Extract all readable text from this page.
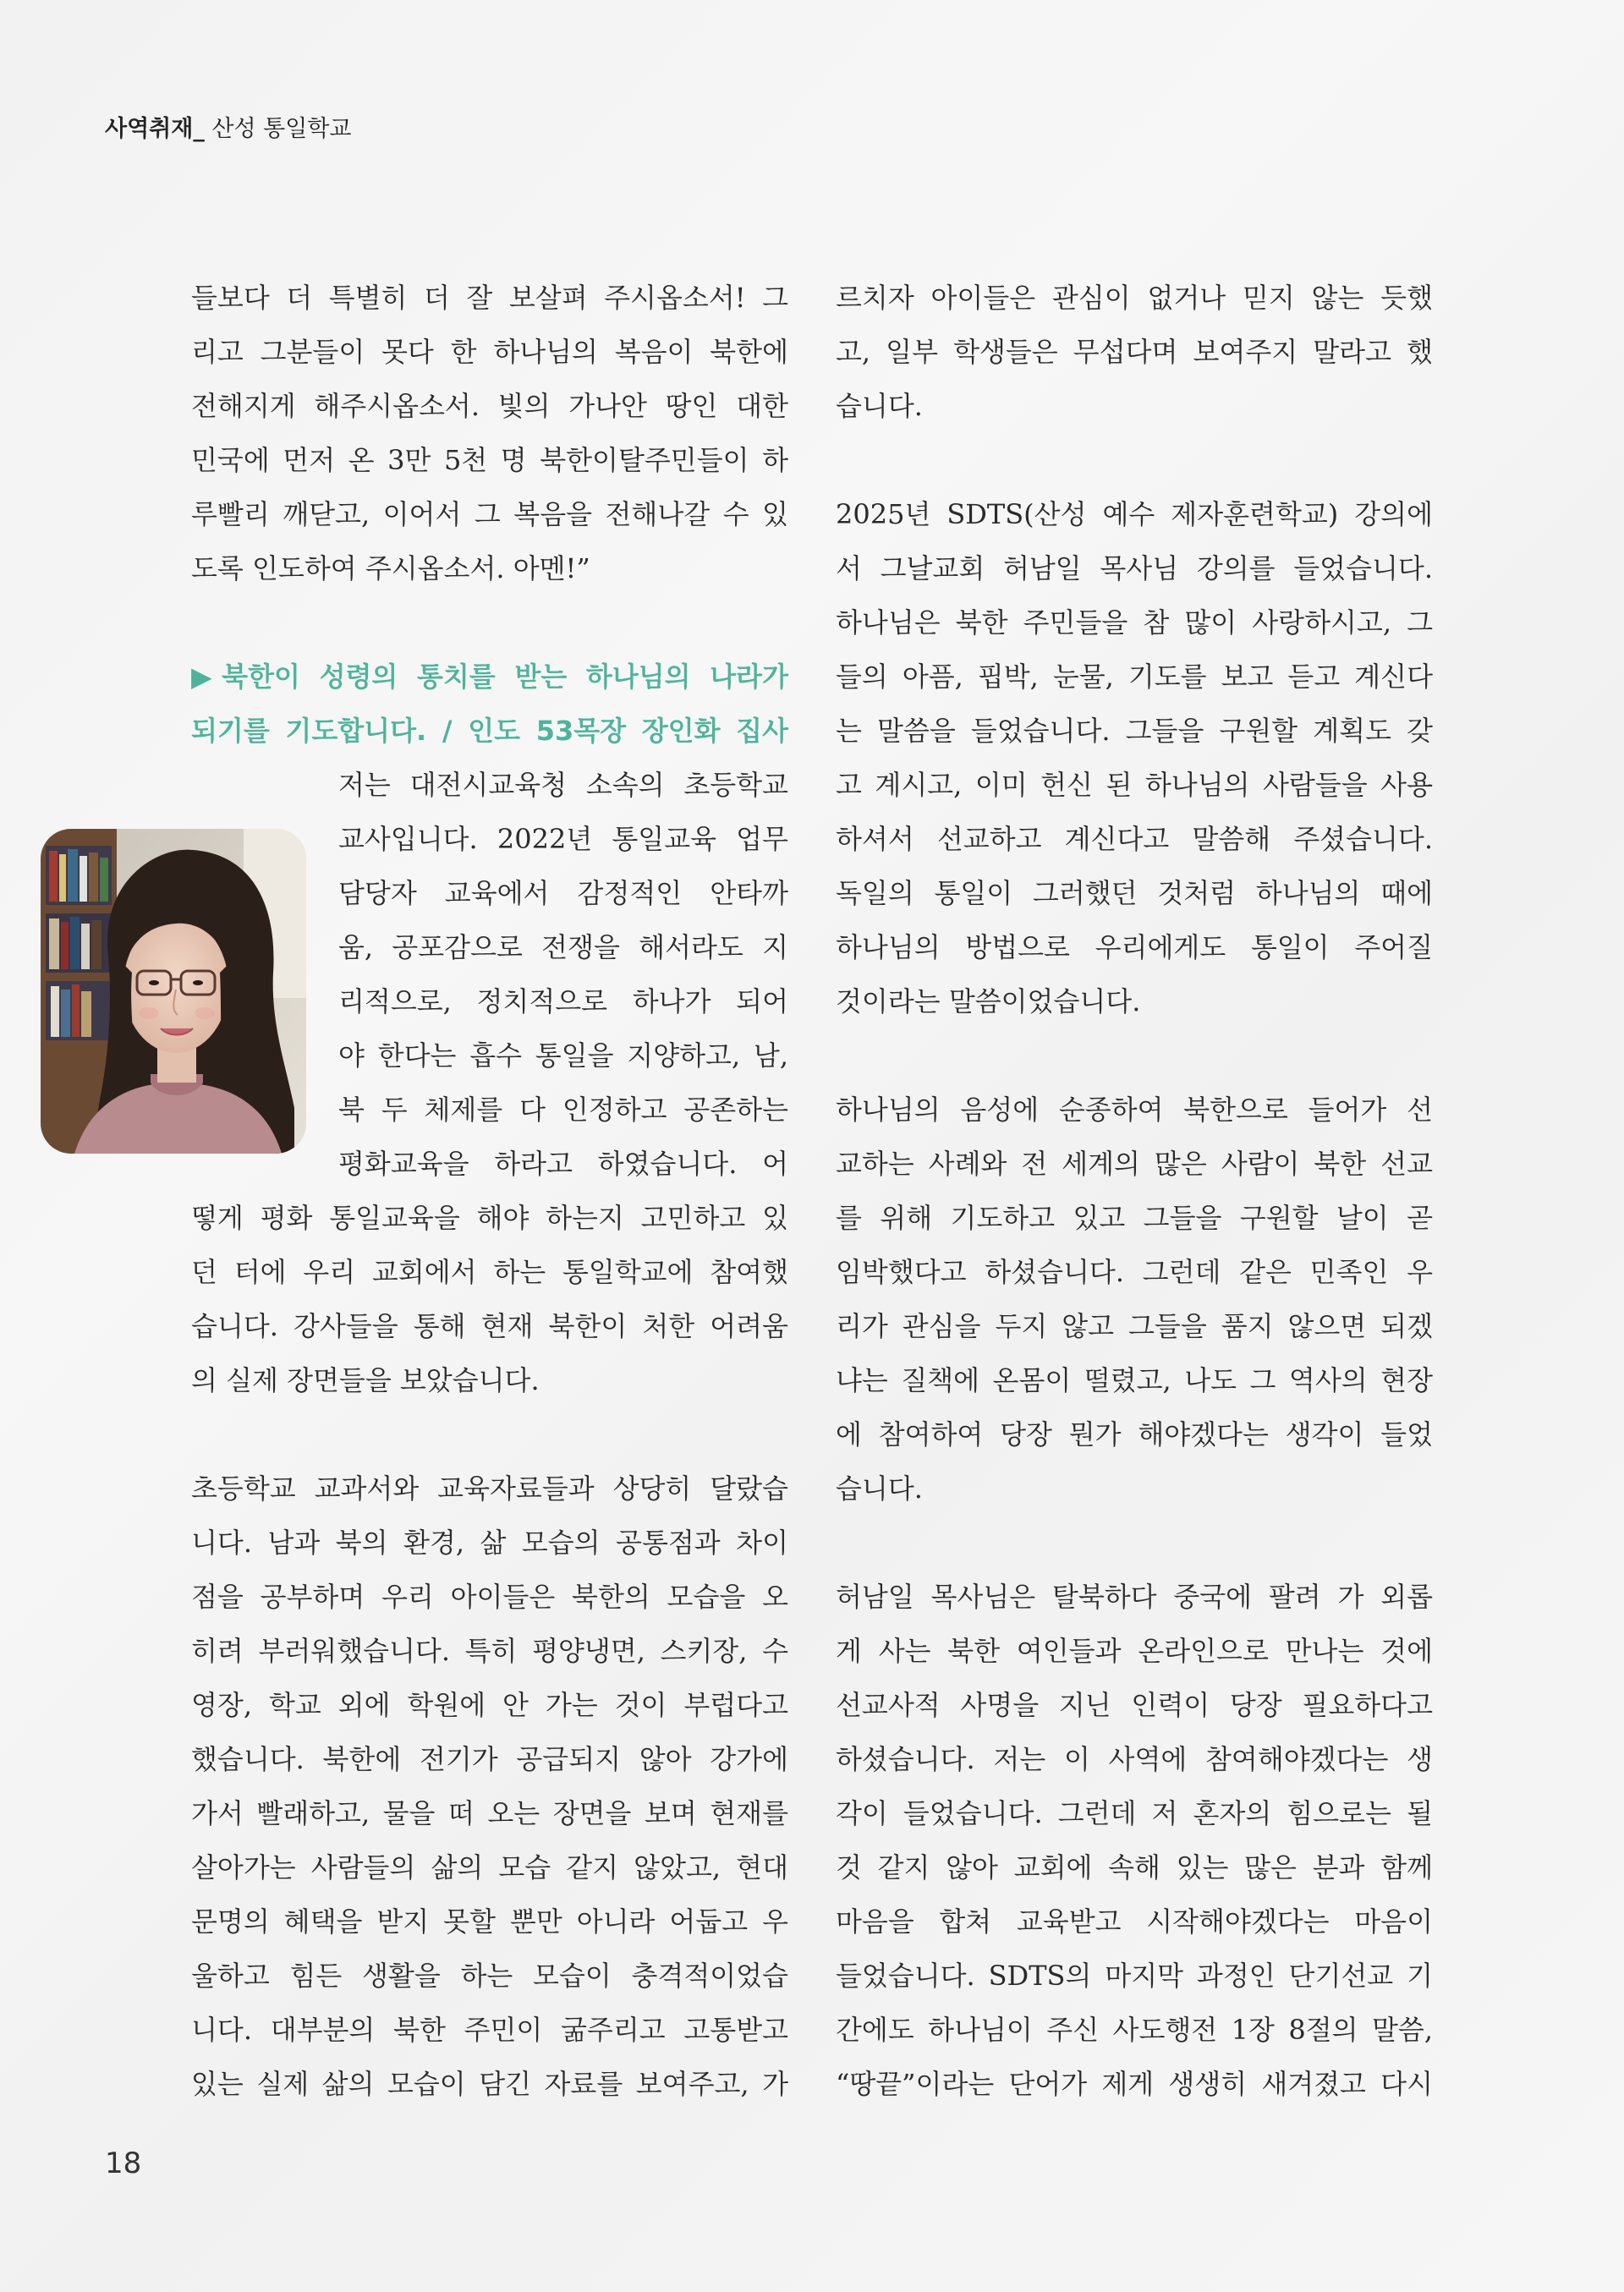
사역취재_ 산성 통일학교
들보다 더 특별히 더 잘 보살펴 주시옵소서! 그
리고 그분들이 못다 한 하나님의 복음이 북한에
전해지게 해주시옵소서. 빛의 가나안 땅인 대한
민국에 먼저 온 3만 5천 명 북한이탈주민들이 하
루빨리 깨닫고, 이어서 그 복음을 전해나갈 수 있
도록 인도하여 주시옵소서. 아멘!”
▶북한이 성령의 통치를 받는 하나님의 나라가
되기를 기도합니다. / 인도 53목장 장인화 집사
저는 대전시교육청 소속의 초등학교
교사입니다. 2022년 통일교육 업무
담당자 교육에서 감정적인 안타까
움, 공포감으로 전쟁을 해서라도 지
리적으로, 정치적으로 하나가 되어
야 한다는 흡수 통일을 지양하고, 남,
북 두 체제를 다 인정하고 공존하는
평화교육을 하라고 하였습니다. 어
떻게 평화 통일교육을 해야 하는지 고민하고 있
던 터에 우리 교회에서 하는 통일학교에 참여했
습니다. 강사들을 통해 현재 북한이 처한 어려움
의 실제 장면들을 보았습니다.
초등학교 교과서와 교육자료들과 상당히 달랐습
니다. 남과 북의 환경, 삶 모습의 공통점과 차이
점을 공부하며 우리 아이들은 북한의 모습을 오
히려 부러워했습니다. 특히 평양냉면, 스키장, 수
영장, 학교 외에 학원에 안 가는 것이 부럽다고
했습니다. 북한에 전기가 공급되지 않아 강가에
가서 빨래하고, 물을 떠 오는 장면을 보며 현재를
살아가는 사람들의 삶의 모습 같지 않았고, 현대
문명의 혜택을 받지 못할 뿐만 아니라 어둡고 우
울하고 힘든 생활을 하는 모습이 충격적이었습
니다. 대부분의 북한 주민이 굶주리고 고통받고
있는 실제 삶의 모습이 담긴 자료를 보여주고, 가
르치자 아이들은 관심이 없거나 믿지 않는 듯했
고, 일부 학생들은 무섭다며 보여주지 말라고 했
습니다.
2025년 SDTS(산성 예수 제자훈련학교) 강의에
서 그날교회 허남일 목사님 강의를 들었습니다.
하나님은 북한 주민들을 참 많이 사랑하시고, 그
들의 아픔, 핍박, 눈물, 기도를 보고 듣고 계신다
는 말씀을 들었습니다. 그들을 구원할 계획도 갖
고 계시고, 이미 헌신 된 하나님의 사람들을 사용
하셔서 선교하고 계신다고 말씀해 주셨습니다.
독일의 통일이 그러했던 것처럼 하나님의 때에
하나님의 방법으로 우리에게도 통일이 주어질
것이라는 말씀이었습니다.
하나님의 음성에 순종하여 북한으로 들어가 선
교하는 사례와 전 세계의 많은 사람이 북한 선교
를 위해 기도하고 있고 그들을 구원할 날이 곧
임박했다고 하셨습니다. 그런데 같은 민족인 우
리가 관심을 두지 않고 그들을 품지 않으면 되겠
냐는 질책에 온몸이 떨렸고, 나도 그 역사의 현장
에 참여하여 당장 뭔가 해야겠다는 생각이 들었
습니다.
허남일 목사님은 탈북하다 중국에 팔려 가 외롭
게 사는 북한 여인들과 온라인으로 만나는 것에
선교사적 사명을 지닌 인력이 당장 필요하다고
하셨습니다. 저는 이 사역에 참여해야겠다는 생
각이 들었습니다. 그런데 저 혼자의 힘으로는 될
것 같지 않아 교회에 속해 있는 많은 분과 함께
마음을 합쳐 교육받고 시작해야겠다는 마음이
들었습니다. SDTS의 마지막 과정인 단기선교 기
간에도 하나님이 주신 사도행전 1장 8절의 말씀,
“땅끝”이라는 단어가 제게 생생히 새겨졌고 다시
18
